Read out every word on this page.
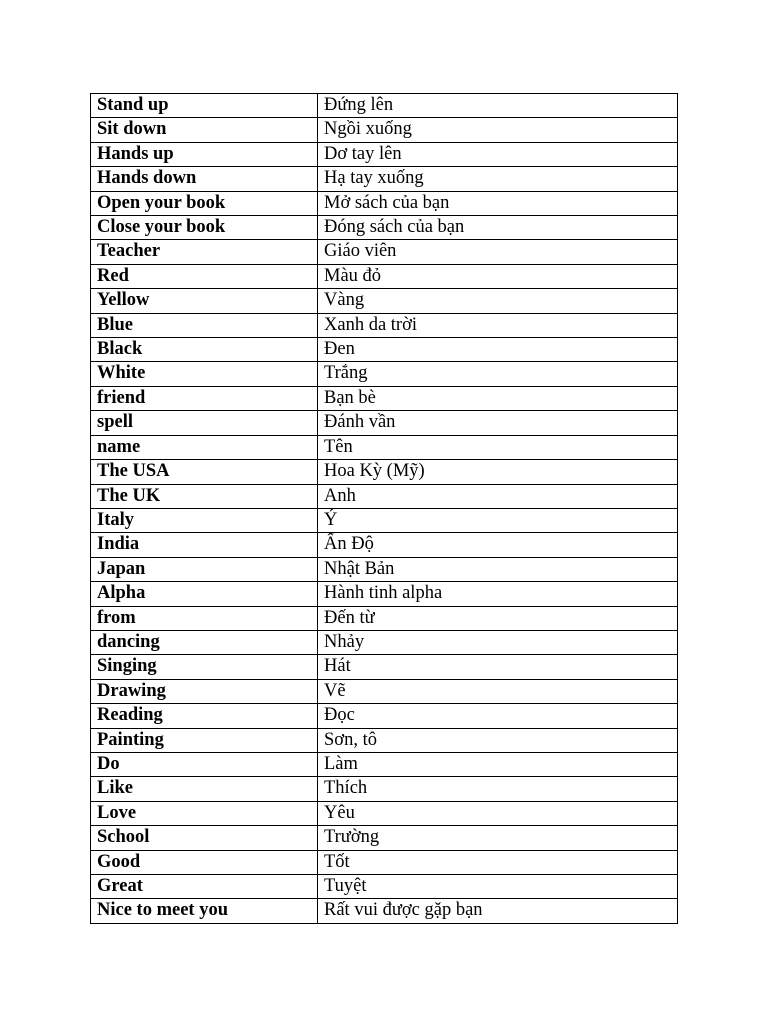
Stand up	Đứng lên
Sit down	Ngồi xuống
Hands up	Dơ tay lên
Hands down	Hạ tay xuống
Open your book	Mở sách của bạn
Close your book	Đóng sách của bạn
Teacher	Giáo viên
Red	Màu đỏ
Yellow	Vàng
Blue	Xanh da trời
Black	Đen
White	Trắng
friend	Bạn bè
spell	Đánh vần
name	Tên
The USA	Hoa Kỳ (Mỹ)
The UK	Anh
Italy	Ý
India	Ấn Độ
Japan	Nhật Bản
Alpha	Hành tinh alpha
from	Đến từ
dancing	Nhảy
Singing	Hát
Drawing	Vẽ
Reading	Đọc
Painting	Sơn, tô
Do	Làm
Like	Thích
Love	Yêu
School	Trường
Good	Tốt
Great	Tuyệt
Nice to meet you	Rất vui được gặp bạn
